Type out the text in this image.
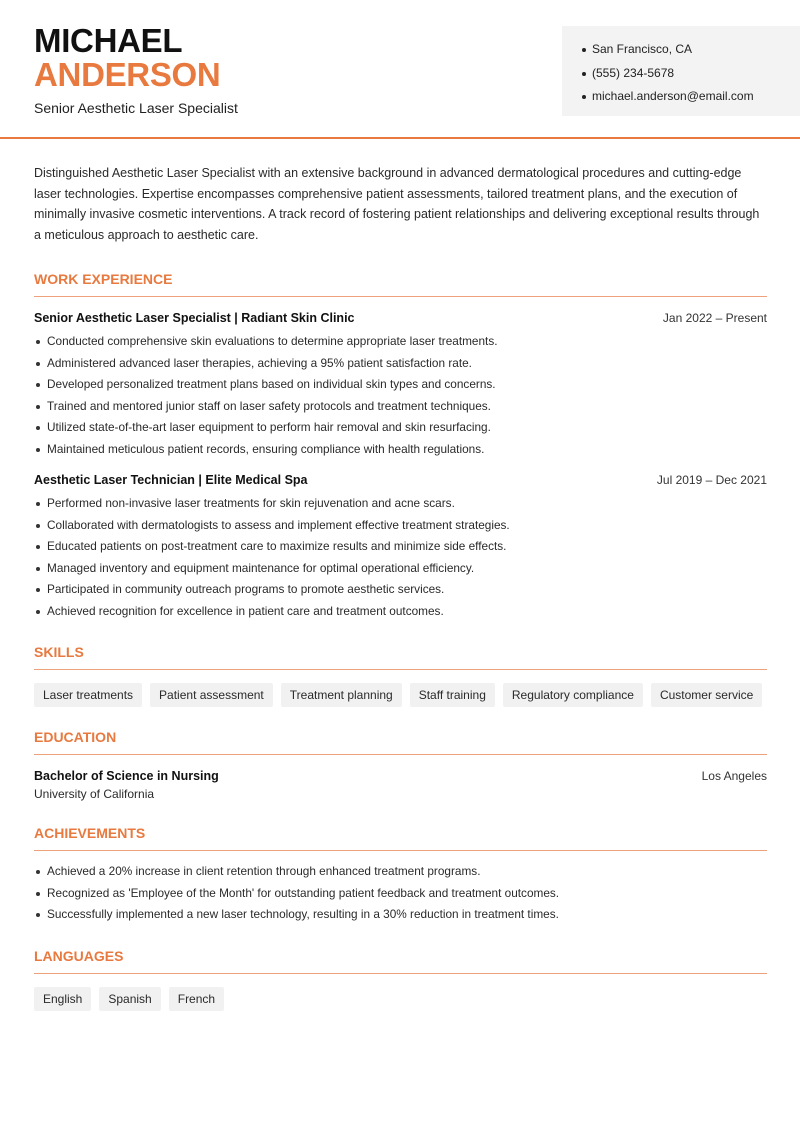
MICHAEL
ANDERSON
Senior Aesthetic Laser Specialist
San Francisco, CA
(555) 234-5678
michael.anderson@email.com

Distinguished Aesthetic Laser Specialist with an extensive background in advanced dermatological procedures and cutting-edge laser technologies. Expertise encompasses comprehensive patient assessments, tailored treatment plans, and the execution of minimally invasive cosmetic interventions. A track record of fostering patient relationships and delivering exceptional results through a meticulous approach to aesthetic care.

WORK EXPERIENCE
Senior Aesthetic Laser Specialist | Radiant Skin Clinic	Jan 2022 – Present
Conducted comprehensive skin evaluations to determine appropriate laser treatments.
Administered advanced laser therapies, achieving a 95% patient satisfaction rate.
Developed personalized treatment plans based on individual skin types and concerns.
Trained and mentored junior staff on laser safety protocols and treatment techniques.
Utilized state-of-the-art laser equipment to perform hair removal and skin resurfacing.
Maintained meticulous patient records, ensuring compliance with health regulations.
Aesthetic Laser Technician | Elite Medical Spa	Jul 2019 – Dec 2021
Performed non-invasive laser treatments for skin rejuvenation and acne scars.
Collaborated with dermatologists to assess and implement effective treatment strategies.
Educated patients on post-treatment care to maximize results and minimize side effects.
Managed inventory and equipment maintenance for optimal operational efficiency.
Participated in community outreach programs to promote aesthetic services.
Achieved recognition for excellence in patient care and treatment outcomes.
SKILLS
Laser treatments	Patient assessment	Treatment planning	Staff training	Regulatory compliance	Customer service
EDUCATION
Bachelor of Science in Nursing	Los Angeles
University of California
ACHIEVEMENTS
Achieved a 20% increase in client retention through enhanced treatment programs.
Recognized as 'Employee of the Month' for outstanding patient feedback and treatment outcomes.
Successfully implemented a new laser technology, resulting in a 30% reduction in treatment times.
LANGUAGES
English	Spanish	French
